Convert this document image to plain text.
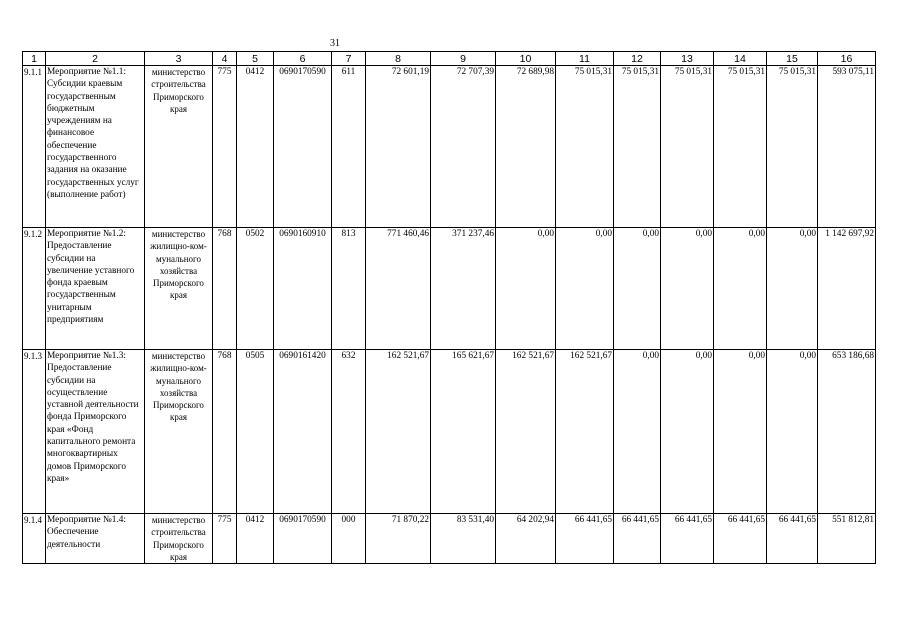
31
1	2	3	4	5	6	7	8	9	10	11	12	13	14	15	16
9.1.1	Мероприятие №1.1: Субсидии краевым государственным бюджетным учреждениям на финансовое обеспечение государственного задания на оказание государственных услуг (выполнение работ)	министерство строительства Приморского края	775	0412	0690170590	611	72 601,19	72 707,39	72 689,98	75 015,31	75 015,31	75 015,31	75 015,31	75 015,31	593 075,11
9.1.2	Мероприятие №1.2: Предоставление субсидии на увеличение уставного фонда краевым государственным унитарным предприятиям	министерство жилищно-ком-мунального хозяйства Приморского края	768	0502	0690160910	813	771 460,46	371 237,46	0,00	0,00	0,00	0,00	0,00	0,00	1 142 697,92
9.1.3	Мероприятие №1.3: Предоставление субсидии на осуществление уставной деятельности фонда Приморского края «Фонд капитального ремонта многоквартирных домов Приморского края»	министерство жилищно-ком-мунального хозяйства Приморского края	768	0505	0690161420	632	162 521,67	165 621,67	162 521,67	162 521,67	0,00	0,00	0,00	0,00	653 186,68
9.1.4	Мероприятие №1.4: Обеспечение деятельности	министерство строительства Приморского края	775	0412	0690170590	000	71 870,22	83 531,40	64 202,94	66 441,65	66 441,65	66 441,65	66 441,65	66 441,65	551 812,81
